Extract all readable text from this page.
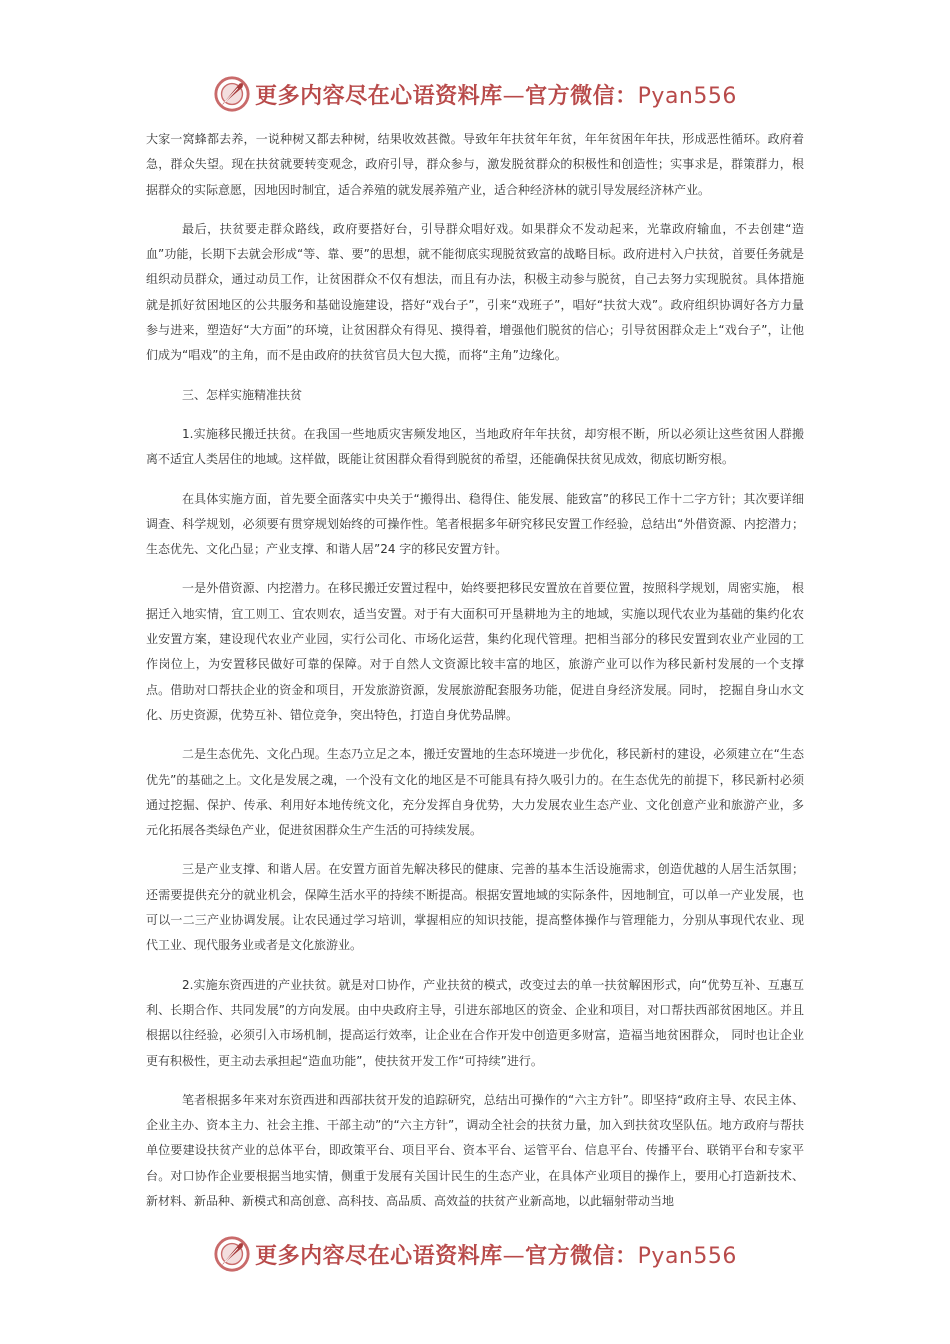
更多内容尽在心语资料库—官方微信：Pyan556

大家一窝蜂都去养，一说种树又都去种树，结果收效甚微。导致年年扶贫年年贫，年年贫困年年扶，形成恶性循环。政府着急，群众失望。现在扶贫就要转变观念，政府引导，群众参与，激发脱贫群众的积极性和创造性；实事求是，群策群力，根据群众的实际意愿，因地因时制宜，适合养殖的就发展养殖产业，适合种经济林的就引导发展经济林产业。

最后，扶贫要走群众路线，政府要搭好台，引导群众唱好戏。如果群众不发动起来，光靠政府输血，不去创建“造血”功能，长期下去就会形成“等、靠、要”的思想，就不能彻底实现脱贫致富的战略目标。政府进村入户扶贫，首要任务就是组织动员群众，通过动员工作，让贫困群众不仅有想法，而且有办法，积极主动参与脱贫，自己去努力实现脱贫。具体措施就是抓好贫困地区的公共服务和基础设施建设，搭好“戏台子”，引来“戏班子”，唱好“扶贫大戏”。政府组织协调好各方力量参与进来，塑造好“大方面”的环境，让贫困群众有得见、摸得着，增强他们脱贫的信心；引导贫困群众走上“戏台子”，让他们成为“唱戏”的主角，而不是由政府的扶贫官员大包大揽，而将“主角”边缘化。

三、怎样实施精准扶贫

1.实施移民搬迁扶贫。在我国一些地质灾害频发地区，当地政府年年扶贫，却穷根不断，所以必须让这些贫困人群搬离不适宜人类居住的地域。这样做，既能让贫困群众看得到脱贫的希望，还能确保扶贫见成效，彻底切断穷根。

在具体实施方面，首先要全面落实中央关于“搬得出、稳得住、能发展、能致富”的移民工作十二字方针；其次要详细调查、科学规划，必须要有贯穿规划始终的可操作性。笔者根据多年研究移民安置工作经验，总结出“外借资源、内挖潜力；生态优先、文化凸显；产业支撑、和谐人居”24 字的移民安置方针。

一是外借资源、内挖潜力。在移民搬迁安置过程中，始终要把移民安置放在首要位置，按照科学规划，周密实施， 根据迁入地实情，宜工则工、宜农则农，适当安置。对于有大面积可开垦耕地为主的地域，实施以现代农业为基础的集约化农业安置方案，建设现代农业产业园，实行公司化、市场化运营，集约化现代管理。把相当部分的移民安置到农业产业园的工作岗位上，为安置移民做好可靠的保障。对于自然人文资源比较丰富的地区，旅游产业可以作为移民新村发展的一个支撑点。借助对口帮扶企业的资金和项目，开发旅游资源，发展旅游配套服务功能，促进自身经济发展。同时， 挖掘自身山水文化、历史资源，优势互补、错位竞争，突出特色，打造自身优势品牌。

二是生态优先、文化凸现。生态乃立足之本，搬迁安置地的生态环境进一步优化，移民新村的建设，必须建立在“生态优先”的基础之上。文化是发展之魂，一个没有文化的地区是不可能具有持久吸引力的。在生态优先的前提下，移民新村必须通过挖掘、保护、传承、利用好本地传统文化，充分发挥自身优势，大力发展农业生态产业、文化创意产业和旅游产业，多元化拓展各类绿色产业，促进贫困群众生产生活的可持续发展。

三是产业支撑、和谐人居。在安置方面首先解决移民的健康、完善的基本生活设施需求，创造优越的人居生活氛围；还需要提供充分的就业机会，保障生活水平的持续不断提高。根据安置地域的实际条件，因地制宜，可以单一产业发展，也可以一二三产业协调发展。让农民通过学习培训，掌握相应的知识技能，提高整体操作与管理能力，分别从事现代农业、现代工业、现代服务业或者是文化旅游业。

2.实施东资西进的产业扶贫。就是对口协作，产业扶贫的模式，改变过去的单一扶贫解困形式，向“优势互补、互惠互利、长期合作、共同发展”的方向发展。由中央政府主导，引进东部地区的资金、企业和项目，对口帮扶西部贫困地区。并且根据以往经验，必须引入市场机制，提高运行效率，让企业在合作开发中创造更多财富，造福当地贫困群众， 同时也让企业更有积极性，更主动去承担起“造血功能”，使扶贫开发工作“可持续”进行。

笔者根据多年来对东资西进和西部扶贫开发的追踪研究，总结出可操作的“六主方针”。即坚持“政府主导、农民主体、企业主办、资本主力、社会主推、干部主动”的“六主方针”，调动全社会的扶贫力量，加入到扶贫攻坚队伍。地方政府与帮扶单位要建设扶贫产业的总体平台，即政策平台、项目平台、资本平台、运管平台、信息平台、传播平台、联销平台和专家平台。对口协作企业要根据当地实情，侧重于发展有关国计民生的生态产业，在具体产业项目的操作上，要用心打造新技术、新材料、新品种、新模式和高创意、高科技、高品质、高效益的扶贫产业新高地，以此辐射带动当地

更多内容尽在心语资料库—官方微信：Pyan556
